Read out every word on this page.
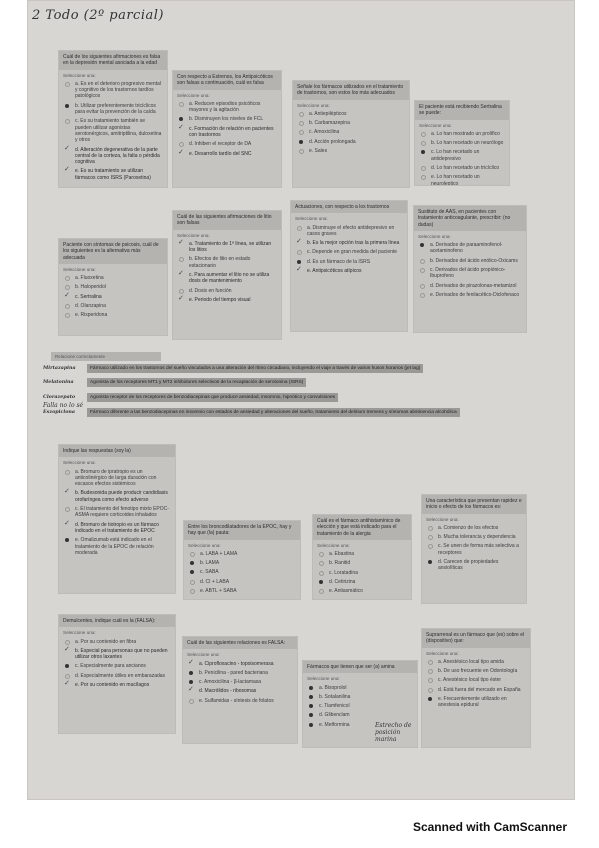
2 Todo (2º parcial)
Cuál de los siguientes afirmaciones es falsa en la depresión mental asociada a la edad
Seleccione una:
a. Es en el deterioro progresivo mental y cognitivo de los trastornos tardíos patológicos
b. Utilizar preferentemente tricíclicos para evitar la prevención de la caída
c. Es su tratamiento también se pueden utilizar agonistas serotonérgicos, amitriptilina, duloxetina y otros
✓ d. Alteración degenerativa de la parte central de la corteza, la falta o pérdida cognitiva
✓ e. Es su tratamiento se utilizan fármacos como ISRS (Paroxetina)
Con respecto a Estrenos, los Antipsicóticos son falsas a continuación, cuál es falsa
Seleccione una:
a. Reducen episodios psicóticos mayores y la agitación
b. Disminuyen los niveles de FCL
✓ c. Formación de relación en pacientes con trastornos
d. Inhiben el receptor de DA
✓ e. Desarrollo tardío del SNC
Señale los fármacos utilizados en el tratamiento de trastornos, son estos los más adecuados
Seleccione una:
a. Antiepilépticos
b. Carbamazepina
c. Amoxicilina
d. Acción prolongada
e. Sales
El paciente está recibiendo Sertralina se puede:
Seleccione una:
a. Lo han mostrado un prolífico
b. Lo han recetado un neurólogo
c. Lo han recetado un antidepresivo
d. Lo han recetado un tricíclico
e. Lo han recetado un neuroleptico
Paciente con síntomas de psicosis, cuál de los siguientes es la alternativa más adecuada
Seleccione una:
a. Fluoxetina
b. Haloperidol
✓ c. Sertralina
d. Olanzapina
e. Risperidona
Cuál de las siguientes afirmaciones de litio son falsas
Seleccione una:
✓ a. Tratamiento de 1ª línea, se utilizan los litios
b. Efectos de litio en estado estacionario
✓ c. Para aumentar el litio no se utiliza dosis de mantenimiento
d. Dosis en función
✓ e. Periodo del tiempo visual
Actuaciones, con respecto a los trastornos
Seleccione una:
a. Disminuye el efecto antidepresivo en casos graves
✓ b. Es la mejor opción tras la primera línea
c. Depende en gran medida del paciente
d. Es un fármaco de la ISRS
✓ e. Antipsicóticos atípicos
Sustituto de AAS, en pacientes con tratamiento anticoagulante, prescribir: (no dudas)
Seleccione una:
a. Derivados de paraaminofenol-acetaminofeno
b. Derivados del ácido enólico-Oxicams
c. Derivados del ácido propiónico-Ibuprofeno
d. Derivados de pirazolonas-metamizol
e. Derivados de fenilacético-Diclofenaco
Relacione correctamente
Mirtazapina	Fármaco utilizado en los trastornos del sueño vinculados a una alteración del ritmo circadiano, incluyendo el viaje a través de varios husos horarios (jet lag)
Melatonina	Agonista de los receptores MT1 y MT2 inhibidores selectivos de la recaptación de serotonina (ISRS)
Clorazepato	Agonista receptor de los receptores de benzodiacepinas que produce ansiedad, insomnio, hipnótico y convulsiones
Eszopiclona	Fármaco diferente a las benzodiacepinas en insomnio con estados de ansiedad y alteraciones del sueño, tratamiento del delirium tremens y síntomas abstinencia alcohólica
Falla no lo sé
Indique las respuestas (soy la)
Seleccione una:
a. Bromuro de ipratropio es un anticolinérgico de larga duración con escasos efectos sistémicos
✓ b. Budesonida puede producir candidiasis orofaríngea como efecto adverso
c. El tratamiento del fenotipo mixto EPOC-ASMA requiere corticoides inhalados
✓ d. Bromuro de tiotropio es un fármaco indicado en el tratamiento de EPOC
e. Omalizumab está indicado en el tratamiento de la EPOC de relación moderada
Entre los broncodilatadores de la EPOC, hay y hay que (la) pauta:
Seleccione una:
a. LABA + LAMA
b. LAMA
c. SABA
d. CI + LABA
e. ABTL + SABA
Cuál es el fármaco antihistamínico de elección y que está indicado para el tratamiento de la alergia
Seleccione una:
a. Ebastina
b. Ranitid
c. Loratadina
d. Cetirizina
e. Antiasmático
Una característica que presentan rapidez e inicio o efecto de los fármacos es:
Seleccione una:
a. Comienzo de los efectos
b. Mucha tolerancia y dependencia
c. Se unen de forma más selectiva a receptores
d. Carecen de propiedades ansiolíticas
Demulcentes, indique cuál es la (FALSA):
Seleccione una:
a. Por su contenido en fibra
✓ b. Especial para personas que no pueden utilizar otros laxantes
c. Especialmente para ancianos
d. Especialmente útiles en embarazadas
✓ e. Por su contenido en mucílagos
Cuál de las siguientes relaciones es FALSA:
Seleccione una:
✓ a. Ciprofloxacino - topoisomerasa
b. Penicilina - pared bacteriana
c. Amoxicilina - β-lactamasa
✓ d. Macrólidos - ribosomas
e. Sulfamidas - síntesis de folatos
Fármacos que tienen que ser (a) amina
Seleccione una:
a. Bisoprolol
b. Sotalanilina
c. Tiamfenicol
d. Glibenclam
e. Metformina	Estrecho de posición marina
Suprarrenal es un fármaco que (es) sobre el (dispositivo) que:
Seleccione una:
a. Anestésico local tipo amida
b. De uso frecuente en Odontología
c. Anestésico local tipo éster
d. Está fuera del mercado en España
e. Frecuentemente utilizado en anestesia epidural
Scanned with CamScanner
